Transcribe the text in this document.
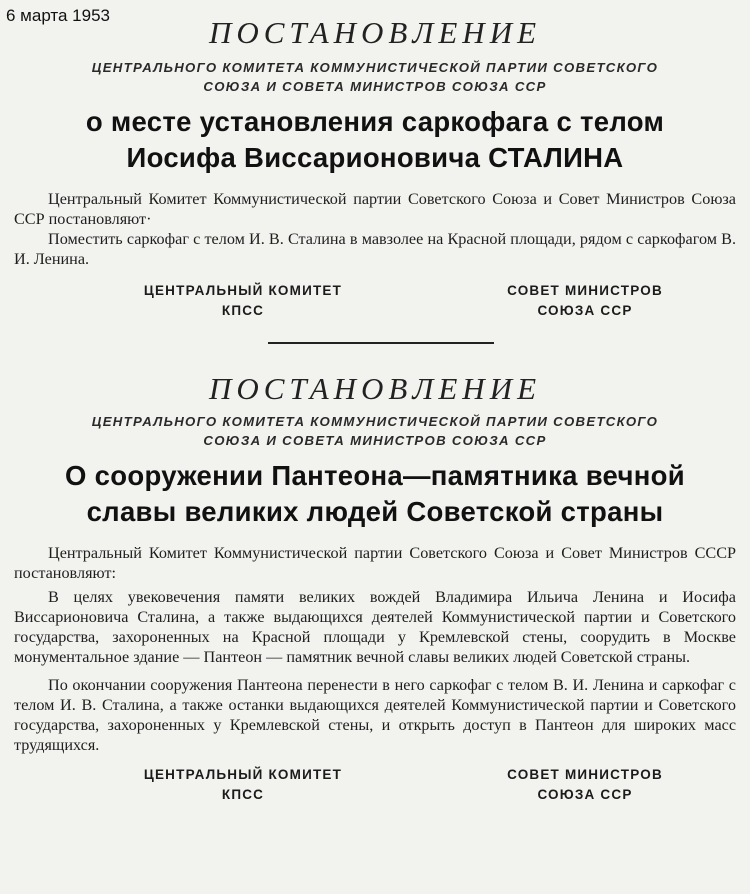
6 марта 1953	ПОСТАНОВЛЕНИЕ
ЦЕНТРАЛЬНОГО КОМИТЕТА КОММУНИСТИЧЕСКОЙ ПАРТИИ СОВЕТСКОГО
СОЮЗА И СОВЕТА МИНИСТРОВ СОЮЗА ССР
о месте установления саркофага с телом
Иосифа Виссарионовича СТАЛИНА
Центральный Комитет Коммунистической партии Советского Союза и Совет Министров Союза ССР постановляют·
Поместить саркофаг с телом И. В. Сталина в мавзолее на Красной площади, рядом с саркофагом В. И. Ленина.
ЦЕНТРАЛЬНЫЙ КОМИТЕТ
КПСС
СОВЕТ МИНИСТРОВ
СОЮЗА ССР
ПОСТАНОВЛЕНИЕ
ЦЕНТРАЛЬНОГО КОМИТЕТА КОММУНИСТИЧЕСКОЙ ПАРТИИ СОВЕТСКОГО
СОЮЗА И СОВЕТА МИНИСТРОВ СОЮЗА ССР
О сооружении Пантеона—памятника вечной
славы великих людей Советской страны
Центральный Комитет Коммунистической партии Советского Союза и Совет Министров СССР постановляют:
В целях увековечения памяти великих вождей Владимира Ильича Ленина и Иосифа Виссарионовича Сталина, а также выдающихся деятелей Коммунистической партии и Советского государства, захороненных на Красной площади у Кремлевской стены, соорудить в Москве монументальное здание — Пантеон — памятник вечной славы великих людей Советской страны.
По окончании сооружения Пантеона перенести в него саркофаг с телом В. И. Ленина и саркофаг с телом И. В. Сталина, а также останки выдающихся деятелей Коммунистической партии и Советского государства, захороненных у Кремлевской стены, и открыть доступ в Пантеон для широких масс трудящихся.
ЦЕНТРАЛЬНЫЙ КОМИТЕТ
КПСС
СОВЕТ МИНИСТРОВ
СОЮЗА ССР
